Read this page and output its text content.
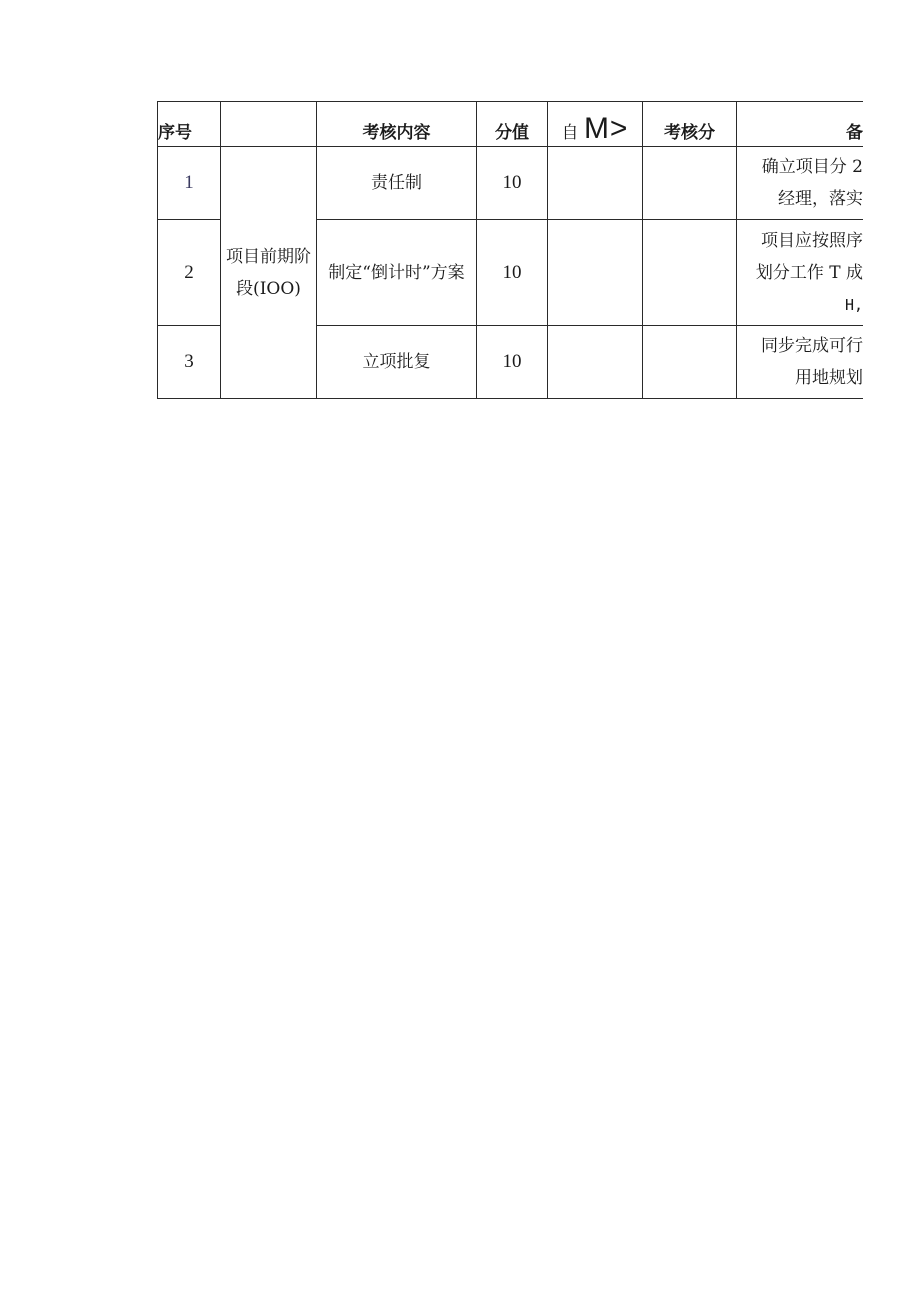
序号		考核内容	分值	自 M>	考核分	备
1	项目前期阶段(IOO)	责任制	10			确立项目分 2
经理，落实

2		制定“倒计时”方案	10			项目应按照序
划分工作 T 成
H,

3		立项批复	10			同步完成可行
用地规划
